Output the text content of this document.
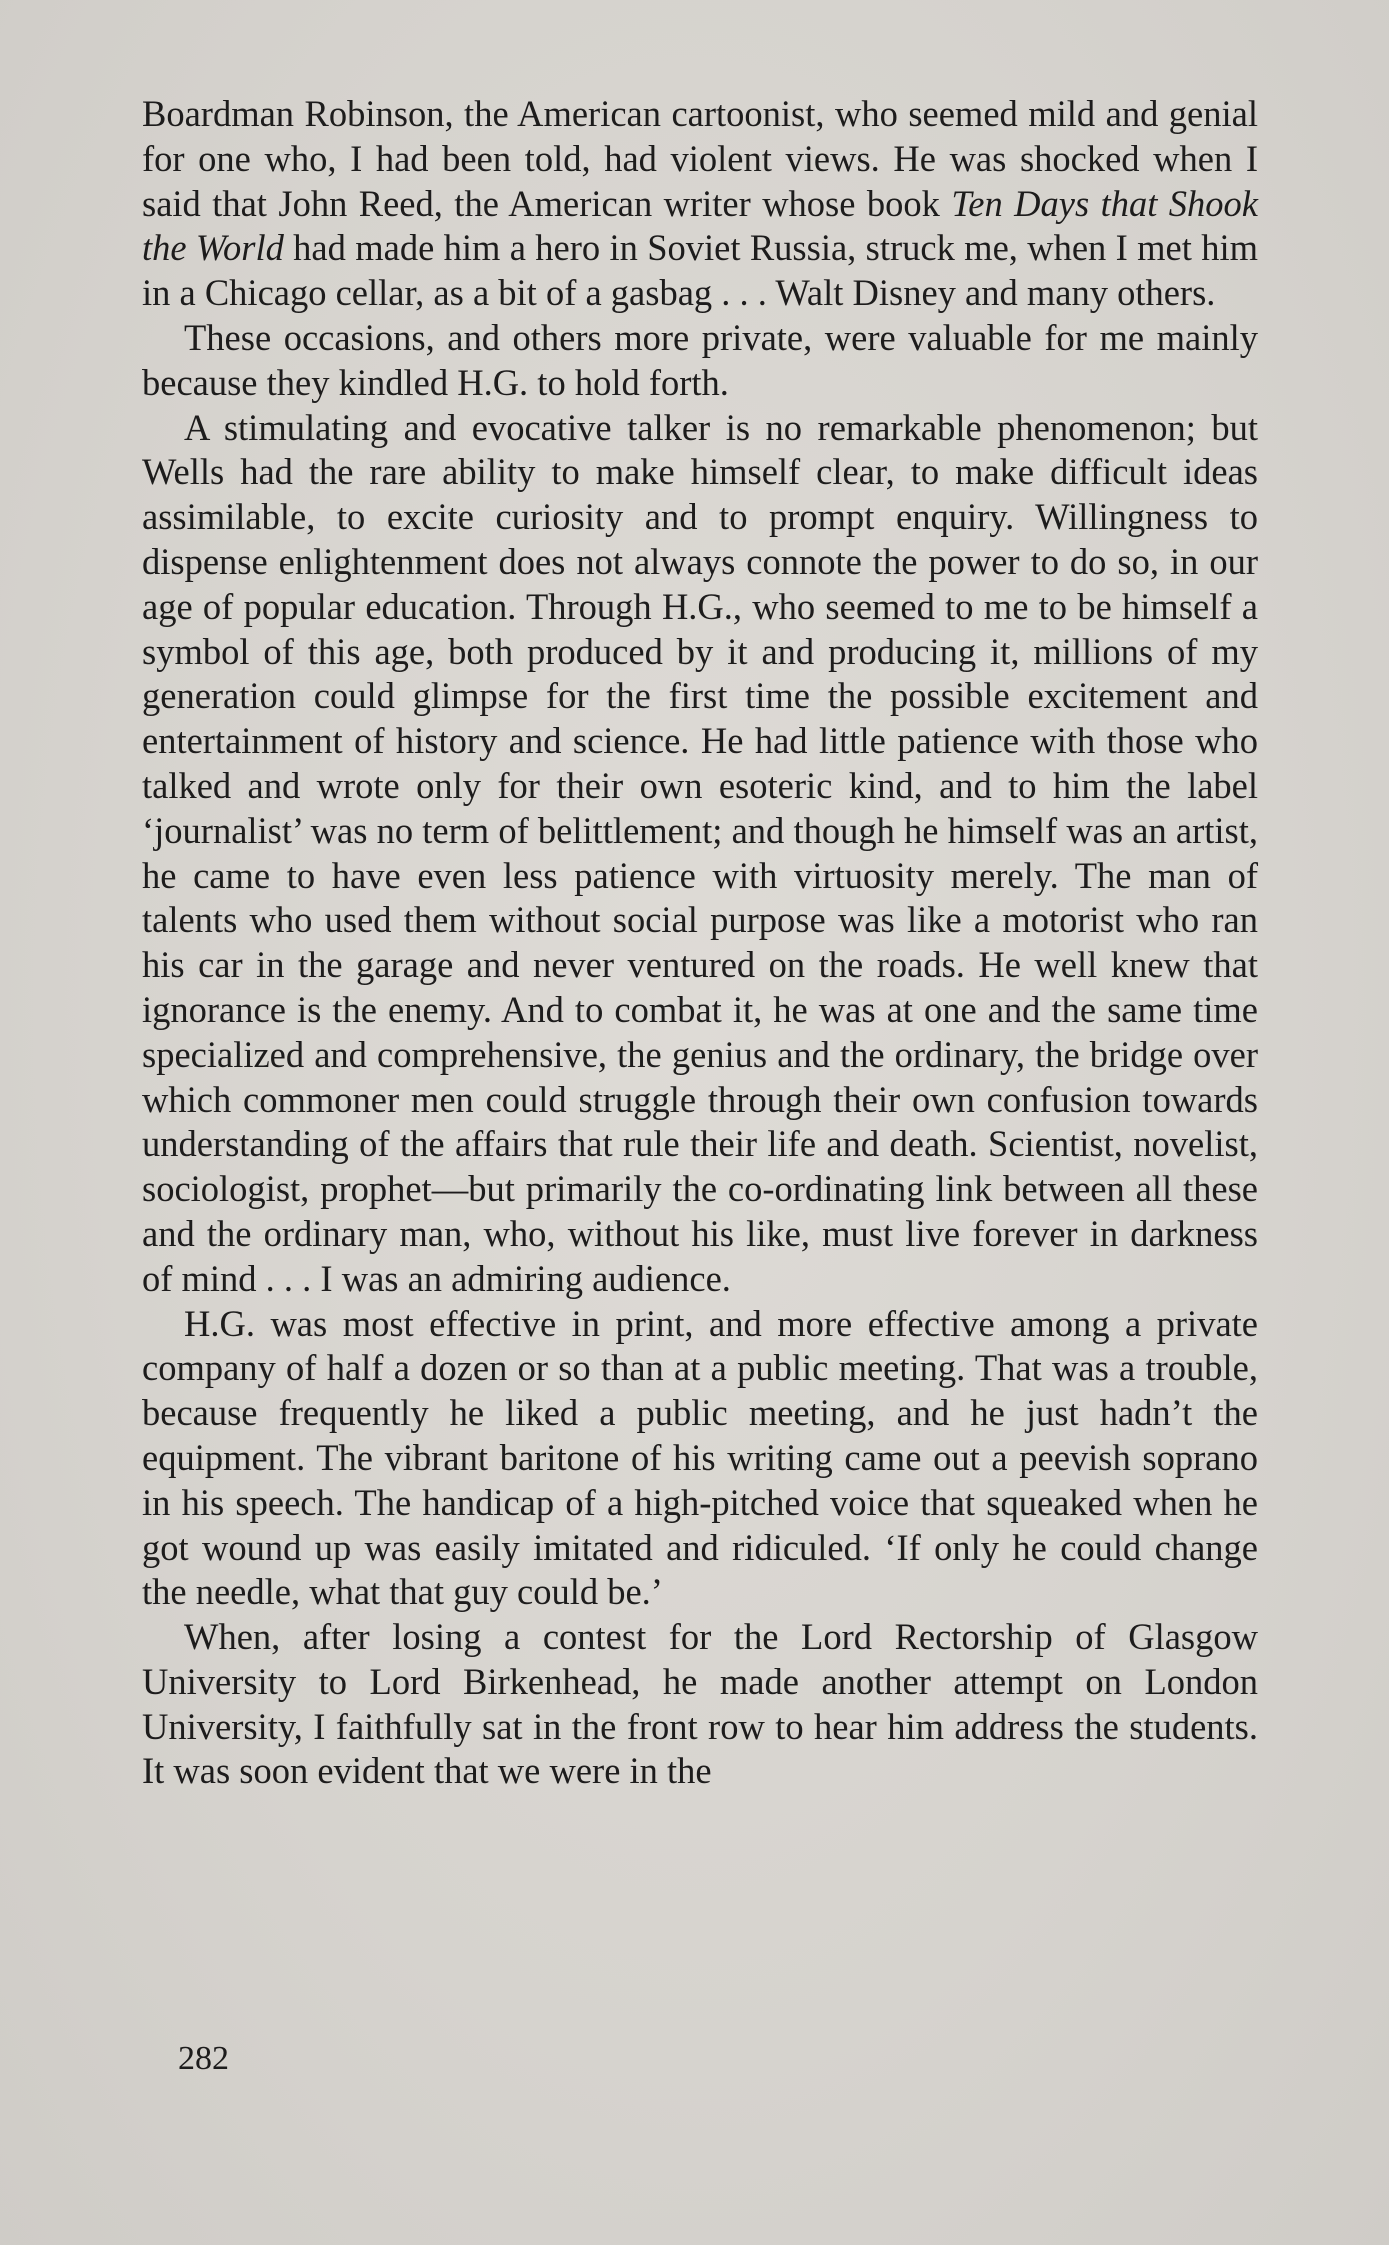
Boardman Robinson, the American cartoonist, who seemed mild and genial for one who, I had been told, had violent views. He was shocked when I said that John Reed, the American writer whose book Ten Days that Shook the World had made him a hero in Soviet Russia, struck me, when I met him in a Chicago cellar, as a bit of a gasbag . . . Walt Disney and many others.

These occasions, and others more private, were valuable for me mainly because they kindled H.G. to hold forth.

A stimulating and evocative talker is no remarkable phenomenon; but Wells had the rare ability to make himself clear, to make difficult ideas assimilable, to excite curiosity and to prompt enquiry. Willingness to dispense enlightenment does not always connote the power to do so, in our age of popular education. Through H.G., who seemed to me to be himself a symbol of this age, both produced by it and producing it, millions of my generation could glimpse for the first time the possible excitement and entertainment of history and science. He had little patience with those who talked and wrote only for their own esoteric kind, and to him the label ‘journalist’ was no term of belittlement; and though he himself was an artist, he came to have even less patience with virtuosity merely. The man of talents who used them without social purpose was like a motorist who ran his car in the garage and never ventured on the roads. He well knew that ignorance is the enemy. And to combat it, he was at one and the same time specialized and comprehensive, the genius and the ordinary, the bridge over which commoner men could struggle through their own confusion towards understanding of the affairs that rule their life and death. Scientist, novelist, sociologist, prophet—but primarily the co-ordinating link between all these and the ordinary man, who, without his like, must live forever in darkness of mind . . . I was an admiring audience.

H.G. was most effective in print, and more effective among a private company of half a dozen or so than at a public meeting. That was a trouble, because frequently he liked a public meeting, and he just hadn’t the equipment. The vibrant baritone of his writing came out a peevish soprano in his speech. The handicap of a high-pitched voice that squeaked when he got wound up was easily imitated and ridiculed. ‘If only he could change the needle, what that guy could be.’

When, after losing a contest for the Lord Rectorship of Glasgow University to Lord Birkenhead, he made another attempt on London University, I faithfully sat in the front row to hear him address the students. It was soon evident that we were in the

282
